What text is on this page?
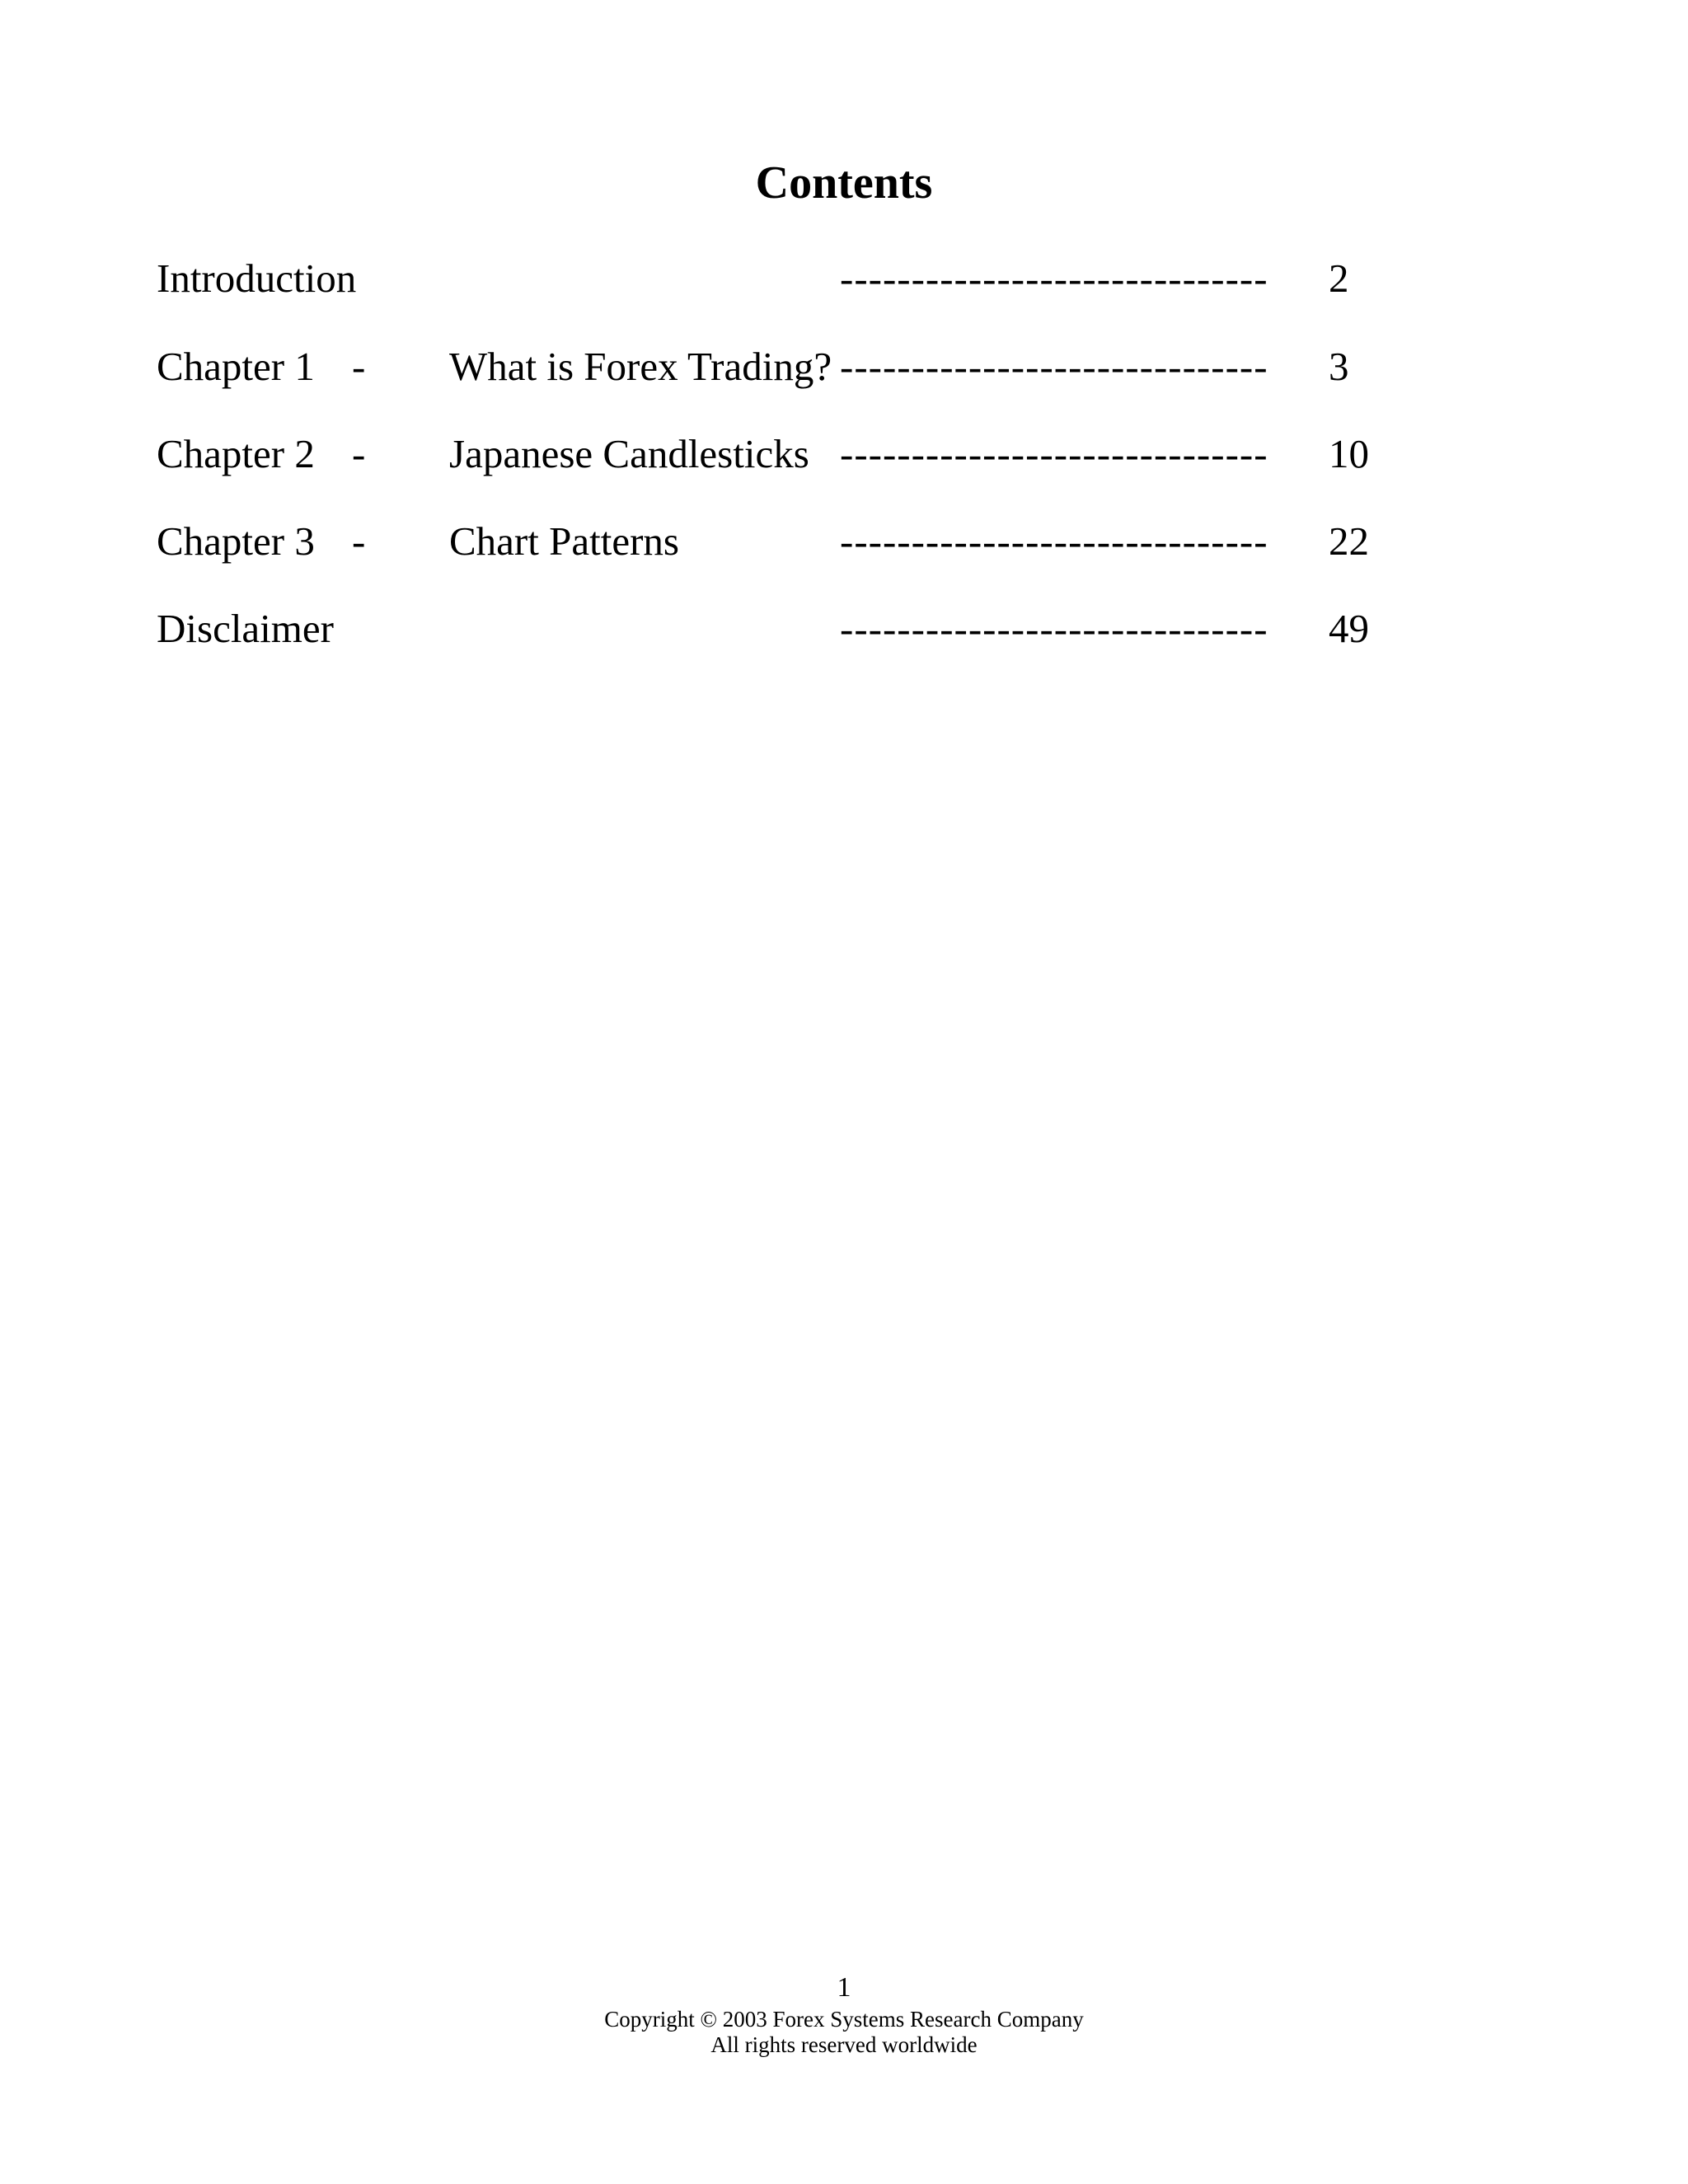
Contents
Introduction	------------------------------ 2
Chapter 1 - What is Forex Trading? ------------------------------ 3
Chapter 2 - Japanese Candlesticks ------------------------------ 10
Chapter 3 - Chart Patterns	------------------------------ 22
Disclaimer	------------------------------ 49
1
Copyright © 2003 Forex Systems Research Company
All rights reserved worldwide
